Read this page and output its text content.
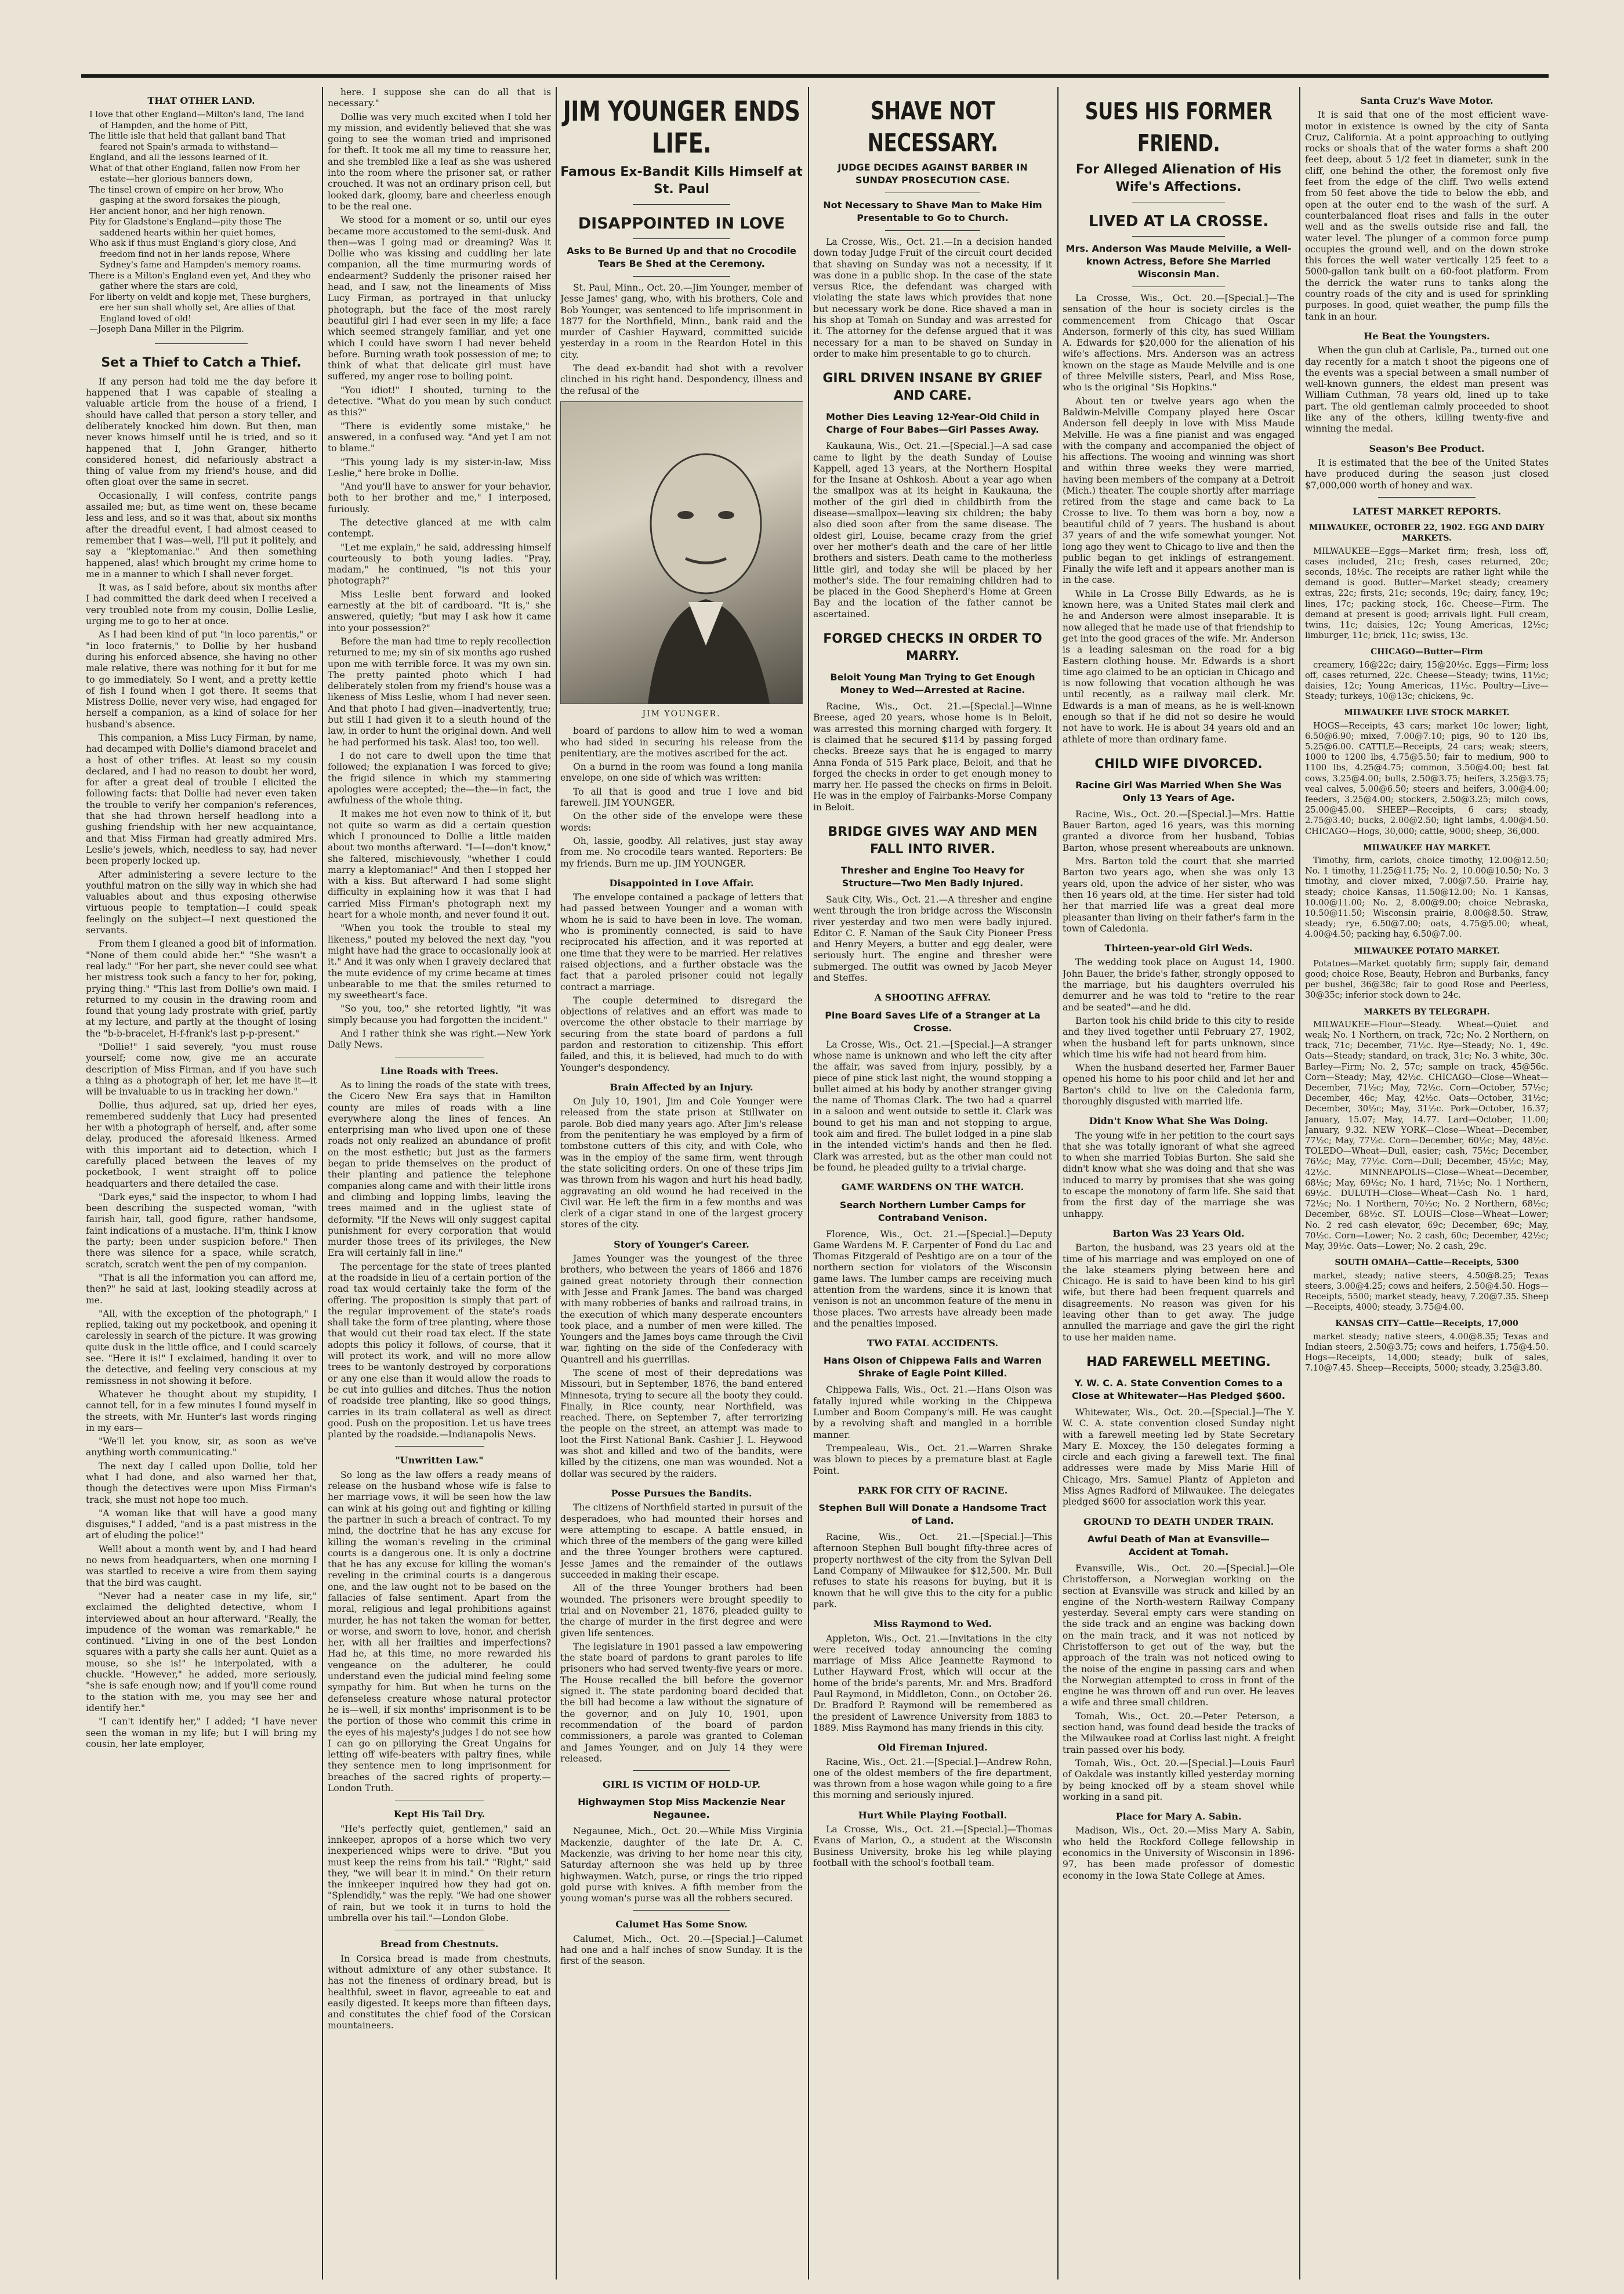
THAT OTHER LAND.
I love that other England—Milton's land, The land of Hampden, and the home of Pitt,
The little isle that held that gallant band That feared not Spain's armada to withstand—
England, and all the lessons learned of It.
What of that other England, fallen now From her estate—her glorious banners down,
The tinsel crown of empire on her brow, Who gasping at the sword forsakes the plough,
Her ancient honor, and her high renown.
Pity for Gladstone's England—pity those The saddened hearts within her quiet homes,
Who ask if thus must England's glory close, And freedom find not in her lands repose, Where Sydney's fame and Hampden's memory roams.
There is a Milton's England even yet, And they who gather where the stars are cold,
For liberty on veldt and kopje met, These burghers, ere her sun shall wholly set, Are allies of that England loved of old!
—Joseph Dana Miller in the Pilgrim.
Set a Thief to Catch a Thief.

If any person had told me the day before it happened that I was capable of stealing a valuable article from the house of a friend, I should have called that person a story teller, and deliberately knocked him down. But then, man never knows himself until he is tried, and so it happened that I, John Granger, hitherto considered honest, did nefariously abstract a thing of value from my friend's house, and did often gloat over the same in secret.

Occasionally, I will confess, contrite pangs assailed me; but, as time went on, these became less and less, and so it was that, about six months after the dreadful event, I had almost ceased to remember that I was—well, I'll put it politely, and say a "kleptomaniac." And then something happened, alas! which brought my crime home to me in a manner to which I shall never forget.

It was, as I said before, about six months after I had committed the dark deed when I received a very troubled note from my cousin, Dollie Leslie, urging me to go to her at once.

As I had been kind of put "in loco parentis," or "in loco fraternis," to Dollie by her husband during his enforced absence, she having no other male relative, there was nothing for it but for me to go immediately. So I went, and a pretty kettle of fish I found when I got there. It seems that Mistress Dollie, never very wise, had engaged for herself a companion, as a kind of solace for her husband's absence.

This companion, a Miss Lucy Firman, by name, had decamped with Dollie's diamond bracelet and a host of other trifles. At least so my cousin declared, and I had no reason to doubt her word, for after a great deal of trouble I elicited the following facts: that Dollie had never even taken the trouble to verify her companion's references, that she had thrown herself headlong into a gushing friendship with her new acquaintance, and that Miss Firman had greatly admired Mrs. Leslie's jewels, which, needless to say, had never been properly locked up.

After administering a severe lecture to the youthful matron on the silly way in which she had valuables about and thus exposing otherwise virtuous people to temptation—I could speak feelingly on the subject—I next questioned the servants.

From them I gleaned a good bit of information. "None of them could abide her." "She wasn't a real lady." "For her part, she never could see what her mistress took such a fancy to her for, poking, prying thing." "This last from Dollie's own maid. I returned to my cousin in the drawing room and found that young lady prostrate with grief, partly at my lecture, and partly at the thought of losing the "b-b-bracelet, H-f-frank's last p-p-present."

"Dollie!" I said severely, "you must rouse yourself; come now, give me an accurate description of Miss Firman, and if you have such a thing as a photograph of her, let me have it—it will be invaluable to us in tracking her down."

Dollie, thus adjured, sat up, dried her eyes, remembered suddenly that Lucy had presented her with a photograph of herself, and, after some delay, produced the aforesaid likeness. Armed with this important aid to detection, which I carefully placed between the leaves of my pocketbook, I went straight off to police headquarters and there detailed the case.

"Dark eyes," said the inspector, to whom I had been describing the suspected woman, "with fairish hair, tall, good figure, rather handsome, faint indications of a mustache. H'm, think I know the party; been under suspicion before." Then there was silence for a space, while scratch, scratch, scratch went the pen of my companion.

"That is all the information you can afford me, then?" he said at last, looking steadily across at me.

"All, with the exception of the photograph," I replied, taking out my pocketbook, and opening it carelessly in search of the picture. It was growing quite dusk in the little office, and I could scarcely see. "Here it is!" I exclaimed, handing it over to the detective, and feeling very conscious at my remissness in not showing it before.

Whatever he thought about my stupidity, I cannot tell, for in a few minutes I found myself in the streets, with Mr. Hunter's last words ringing in my ears—

"We'll let you know, sir, as soon as we've anything worth communicating."

The next day I called upon Dollie, told her what I had done, and also warned her that, though the detectives were upon Miss Firman's track, she must not hope too much.

"A woman like that will have a good many disguises," I added, "and is a past mistress in the art of eluding the police!"

Well! about a month went by, and I had heard no news from headquarters, when one morning I was startled to receive a wire from them saying that the bird was caught.

"Never had a neater case in my life, sir," exclaimed the delighted detective, whom I interviewed about an hour afterward. "Really, the impudence of the woman was remarkable," he continued. "Living in one of the best London squares with a party she calls her aunt. Quiet as a mouse, so she is!" he interpolated, with a chuckle. "However," he added, more seriously, "she is safe enough now; and if you'll come round to the station with me, you may see her and identify her."

"I can't identify her," I added; "I have never seen the woman in my life; but I will bring my cousin, her late employer,

here. I suppose she can do all that is necessary."

Dollie was very much excited when I told her my mission, and evidently believed that she was going to see the woman tried and imprisoned for theft. It took me all my time to reassure her, and she trembled like a leaf as she was ushered into the room where the prisoner sat, or rather crouched. It was not an ordinary prison cell, but looked dark, gloomy, bare and cheerless enough to be the real one.

We stood for a moment or so, until our eyes became more accustomed to the semi-dusk. And then—was I going mad or dreaming? Was it Dollie who was kissing and cuddling her late companion, all the time murmuring words of endearment? Suddenly the prisoner raised her head, and I saw, not the lineaments of Miss Lucy Firman, as portrayed in that unlucky photograph, but the face of the most rarely beautiful girl I had ever seen in my life; a face which seemed strangely familiar, and yet one which I could have sworn I had never beheld before. Burning wrath took possession of me; to think of what that delicate girl must have suffered, my anger rose to boiling point.

"You idiot!" I shouted, turning to the detective. "What do you mean by such conduct as this?"

"There is evidently some mistake," he answered, in a confused way. "And yet I am not to blame."

"This young lady is my sister-in-law, Miss Leslie," here broke in Dollie.

"And you'll have to answer for your behavior, both to her brother and me," I interposed, furiously.

The detective glanced at me with calm contempt.

"Let me explain," he said, addressing himself courteously to both young ladies. "Pray, madam," he continued, "is not this your photograph?"

Miss Leslie bent forward and looked earnestly at the bit of cardboard. "It is," she answered, quietly; "but may I ask how it came into your possession?"

Before the man had time to reply recollection returned to me; my sin of six months ago rushed upon me with terrible force. It was my own sin. The pretty painted photo which I had deliberately stolen from my friend's house was a likeness of Miss Leslie, whom I had never seen. And that photo I had given—inadvertently, true; but still I had given it to a sleuth hound of the law, in order to hunt the original down. And well he had performed his task. Alas! too, too well.

I do not care to dwell upon the time that followed; the explanation I was forced to give; the frigid silence in which my stammering apologies were accepted; the—the—in fact, the awfulness of the whole thing.

It makes me hot even now to think of it, but not quite so warm as did a certain question which I pronounced to Dollie a little maiden about two months afterward. "I—I—don't know," she faltered, mischievously, "whether I could marry a kleptomaniac!" And then I stopped her with a kiss. But afterward I had some slight difficulty in explaining how it was that I had carried Miss Firman's photograph next my heart for a whole month, and never found it out.

"When you took the trouble to steal my likeness," pouted my beloved the next day, "you might have had the grace to occasionally look at it." And it was only when I gravely declared that the mute evidence of my crime became at times unbearable to me that the smiles returned to my sweetheart's face.

"So you, too," she retorted lightly, "it was simply because you had forgotten the incident."

And I rather think she was right.—New York Daily News.

Line Roads with Trees.

As to lining the roads of the state with trees, the Cicero New Era says that in Hamilton county are miles of roads with a line everywhere along the lines of fences. An enterprising man who lived upon one of these roads not only realized an abundance of profit on the most esthetic; but just as the farmers began to pride themselves on the product of their planting and patience the telephone companies along came and with their little irons and climbing and lopping limbs, leaving the trees maimed and in the ugliest state of deformity. "If the News will only suggest capital punishment for every corporation that would murder those trees of its privileges, the New Era will certainly fall in line."

The percentage for the state of trees planted at the roadside in lieu of a certain portion of the road tax would certainly take the form of the offering. The proposition is simply that part of the regular improvement of the state's roads shall take the form of tree planting, where those that would cut their road tax elect. If the state adopts this policy it follows, of course, that it will protect its work, and will no more allow trees to be wantonly destroyed by corporations or any one else than it would allow the roads to be cut into gullies and ditches. Thus the notion of roadside tree planting, like so good things, carries in its train collateral as well as direct good. Push on the proposition. Let us have trees planted by the roadside.—Indianapolis News.

"Unwritten Law."

So long as the law offers a ready means of release on the husband whose wife is false to her marriage vows, it will be seen how the law can wink at his going out and fighting or killing the partner in such a breach of contract. To my mind, the doctrine that he has any excuse for killing the woman's reveling in the criminal courts is a dangerous one. It is only a doctrine that he has any excuse for killing the woman's reveling in the criminal courts is a dangerous one, and the law ought not to be based on the fallacies of false sentiment. Apart from the moral, religious and legal prohibitions against murder, he has not taken the woman for better, or worse, and sworn to love, honor, and cherish her, with all her frailties and imperfections? Had he, at this time, no more rewarded his vengeance on the adulterer, he could understand even the judicial mind feeling some sympathy for him. But when he turns on the defenseless creature whose natural protector he is—well, if six months' imprisonment is to be the portion of those who commit this crime in the eyes of his majesty's judges I do not see how I can go on pillorying the Great Ungains for letting off wife-beaters with paltry fines, while they sentence men to long imprisonment for breaches of the sacred rights of property.—London Truth.

Kept His Tail Dry.

"He's perfectly quiet, gentlemen," said an innkeeper, apropos of a horse which two very inexperienced whips were to drive. "But you must keep the reins from his tail." "Right," said they, "we will bear it in mind." On their return the innkeeper inquired how they had got on. "Splendidly," was the reply. "We had one shower of rain, but we took it in turns to hold the umbrella over his tail."—London Globe.

Bread from Chestnuts.

In Corsica bread is made from chestnuts, without admixture of any other substance. It has not the fineness of ordinary bread, but is healthful, sweet in flavor, agreeable to eat and easily digested. It keeps more than fifteen days, and constitutes the chief food of the Corsican mountaineers.

JIM YOUNGER ENDS LIFE.
Famous Ex-Bandit Kills Himself at St. Paul
DISAPPOINTED IN LOVE
Asks to Be Burned Up and that no Crocodile Tears Be Shed at the Ceremony.

St. Paul, Minn., Oct. 20.—Jim Younger, member of Jesse James' gang, who, with his brothers, Cole and Bob Younger, was sentenced to life imprisonment in 1877 for the Northfield, Minn., bank raid and the murder of Cashier Hayward, committed suicide yesterday in a room in the Reardon Hotel in this city.

The dead ex-bandit had shot with a revolver clinched in his right hand. Despondency, illness and the refusal of the

JIM YOUNGER.

board of pardons to allow him to wed a woman who had sided in securing his release from the penitentiary, are the motives ascribed for the act.

On a burnd in the room was found a long manila envelope, on one side of which was written:

To all that is good and true I love and bid farewell. JIM YOUNGER.

On the other side of the envelope were these words:

Oh, lassie, goodby. All relatives, just stay away from me. No crocodile tears wanted. Reporters: Be my friends. Burn me up. JIM YOUNGER.

Disappointed in Love Affair.

The envelope contained a package of letters that had passed between Younger and a woman with whom he is said to have been in love. The woman, who is prominently connected, is said to have reciprocated his affection, and it was reported at one time that they were to be married. Her relatives raised objections, and a further obstacle was the fact that a paroled prisoner could not legally contract a marriage.

The couple determined to disregard the objections of relatives and an effort was made to overcome the other obstacle to their marriage by securing from the state board of pardons a full pardon and restoration to citizenship. This effort failed, and this, it is believed, had much to do with Younger's despondency.

Brain Affected by an Injury.

On July 10, 1901, Jim and Cole Younger were released from the state prison at Stillwater on parole. Bob died many years ago. After Jim's release from the penitentiary he was employed by a firm of tombstone cutters of this city, and with Cole, who was in the employ of the same firm, went through the state soliciting orders. On one of these trips Jim was thrown from his wagon and hurt his head badly, aggravating an old wound he had received in the Civil war. He left the firm in a few months and was clerk of a cigar stand in one of the largest grocery stores of the city.

Story of Younger's Career.

James Younger was the youngest of the three brothers, who between the years of 1866 and 1876 gained great notoriety through their connection with Jesse and Frank James. The band was charged with many robberies of banks and railroad trains, in the execution of which many desperate encounters took place, and a number of men were killed. The Youngers and the James boys came through the Civil war, fighting on the side of the Confederacy with Quantrell and his guerrillas.

The scene of most of their depredations was Missouri, but in September, 1876, the band entered Minnesota, trying to secure all the booty they could. Finally, in Rice county, near Northfield, was reached. There, on September 7, after terrorizing the people on the street, an attempt was made to loot the First National Bank. Cashier J. L. Heywood was shot and killed and two of the bandits, were killed by the citizens, one man was wounded. Not a dollar was secured by the raiders.

Posse Pursues the Bandits.

The citizens of Northfield started in pursuit of the desperadoes, who had mounted their horses and were attempting to escape. A battle ensued, in which three of the members of the gang were killed and the three Younger brothers were captured. Jesse James and the remainder of the outlaws succeeded in making their escape.

All of the three Younger brothers had been wounded. The prisoners were brought speedily to trial and on November 21, 1876, pleaded guilty to the charge of murder in the first degree and were given life sentences.

The legislature in 1901 passed a law empowering the state board of pardons to grant paroles to life prisoners who had served twenty-five years or more. The House recalled the bill before the governor signed it. The state pardoning board decided that the bill had become a law without the signature of the governor, and on July 10, 1901, upon recommendation of the board of pardon commissioners, a parole was granted to Coleman and James Younger, and on July 14 they were released.

GIRL IS VICTIM OF HOLD-UP.
Highwaymen Stop Miss Mackenzie Near Negaunee.

Negaunee, Mich., Oct. 20.—While Miss Virginia Mackenzie, daughter of the late Dr. A. C. Mackenzie, was driving to her home near this city, Saturday afternoon she was held up by three highwaymen. Watch, purse, or rings the trio ripped gold purse with knives. A fifth member from the young woman's purse was all the robbers secured.

Calumet Has Some Snow.

Calumet, Mich., Oct. 20.—[Special.]—Calumet had one and a half inches of snow Sunday. It is the first of the season.

SHAVE NOT NECESSARY.
JUDGE DECIDES AGAINST BARBER IN SUNDAY PROSECUTION CASE.
Not Necessary to Shave Man to Make Him Presentable to Go to Church.

La Crosse, Wis., Oct. 21.—In a decision handed down today Judge Fruit of the circuit court decided that shaving on Sunday was not a necessity, if it was done in a public shop. In the case of the state versus Rice, the defendant was charged with violating the state laws which provides that none but necessary work be done. Rice shaved a man in his shop at Tomah on Sunday and was arrested for it. The attorney for the defense argued that it was necessary for a man to be shaved on Sunday in order to make him presentable to go to church.

GIRL DRIVEN INSANE BY GRIEF AND CARE.
Mother Dies Leaving 12-Year-Old Child in Charge of Four Babes—Girl Passes Away.

Kaukauna, Wis., Oct. 21.—[Special.]—A sad case came to light by the death Sunday of Louise Kappell, aged 13 years, at the Northern Hospital for the Insane at Oshkosh. About a year ago when the smallpox was at its height in Kaukauna, the mother of the girl died in childbirth from the disease—smallpox—leaving six children; the baby also died soon after from the same disease. The oldest girl, Louise, became crazy from the grief over her mother's death and the care of her little brothers and sisters. Death came to the motherless little girl, and today she will be placed by her mother's side. The four remaining children had to be placed in the Good Shepherd's Home at Green Bay and the location of the father cannot be ascertained.

FORGED CHECKS IN ORDER TO MARRY.
Beloit Young Man Trying to Get Enough Money to Wed—Arrested at Racine.

Racine, Wis., Oct. 21.—[Special.]—Winne Breese, aged 20 years, whose home is in Beloit, was arrested this morning charged with forgery. It is claimed that he secured $114 by passing forged checks. Breeze says that he is engaged to marry Anna Fonda of 515 Park place, Beloit, and that he forged the checks in order to get enough money to marry her. He passed the checks on firms in Beloit. He was in the employ of Fairbanks-Morse Company in Beloit.

BRIDGE GIVES WAY AND MEN FALL INTO RIVER.
Thresher and Engine Too Heavy for Structure—Two Men Badly Injured.

Sauk City, Wis., Oct. 21.—A thresher and engine went through the iron bridge across the Wisconsin river yesterday and two men were badly injured. Editor C. F. Naman of the Sauk City Pioneer Press and Henry Meyers, a butter and egg dealer, were seriously hurt. The engine and thresher were submerged. The outfit was owned by Jacob Meyer and Steffes.

A SHOOTING AFFRAY.
Pine Board Saves Life of a Stranger at La Crosse.

La Crosse, Wis., Oct. 21.—[Special.]—A stranger whose name is unknown and who left the city after the affair, was saved from injury, possibly, by a piece of pine stick last night, the wound stopping a bullet aimed at his body by another stranger giving the name of Thomas Clark. The two had a quarrel in a saloon and went outside to settle it. Clark was bound to get his man and not stopping to argue, took aim and fired. The bullet lodged in a pine slab in the intended victim's hands and then he fled. Clark was arrested, but as the other man could not be found, he pleaded guilty to a trivial charge.

GAME WARDENS ON THE WATCH.
Search Northern Lumber Camps for Contraband Venison.

Florence, Wis., Oct. 21.—[Special.]—Deputy Game Wardens M. F. Carpenter of Fond du Lac and Thomas Fitzgerald of Peshtigo are on a tour of the northern section for violators of the Wisconsin game laws. The lumber camps are receiving much attention from the wardens, since it is known that venison is not an uncommon feature of the menu in those places. Two arrests have already been made and the penalties imposed.

TWO FATAL ACCIDENTS.
Hans Olson of Chippewa Falls and Warren Shrake of Eagle Point Killed.

Chippewa Falls, Wis., Oct. 21.—Hans Olson was fatally injured while working in the Chippewa Lumber and Boom Company's mill. He was caught by a revolving shaft and mangled in a horrible manner.

Trempealeau, Wis., Oct. 21.—Warren Shrake was blown to pieces by a premature blast at Eagle Point.

PARK FOR CITY OF RACINE.
Stephen Bull Will Donate a Handsome Tract of Land.

Racine, Wis., Oct. 21.—[Special.]—This afternoon Stephen Bull bought fifty-three acres of property northwest of the city from the Sylvan Dell Land Company of Milwaukee for $12,500. Mr. Bull refuses to state his reasons for buying, but it is known that he will give this to the city for a public park.

Miss Raymond to Wed.

Appleton, Wis., Oct. 21.—Invitations in the city were received today announcing the coming marriage of Miss Alice Jeannette Raymond to Luther Hayward Frost, which will occur at the home of the bride's parents, Mr. and Mrs. Bradford Paul Raymond, in Middleton, Conn., on October 26. Dr. Bradford P. Raymond will be remembered as the president of Lawrence University from 1883 to 1889. Miss Raymond has many friends in this city.

Old Fireman Injured.

Racine, Wis., Oct. 21.—[Special.]—Andrew Rohn, one of the oldest members of the fire department, was thrown from a hose wagon while going to a fire this morning and seriously injured.

Hurt While Playing Football.

La Crosse, Wis., Oct. 21.—[Special.]—Thomas Evans of Marion, O., a student at the Wisconsin Business University, broke his leg while playing football with the school's football team.

SUES HIS FORMER FRIEND.
For Alleged Alienation of His Wife's Affections.
LIVED AT LA CROSSE.
Mrs. Anderson Was Maude Melville, a Well-known Actress, Before She Married Wisconsin Man.

La Crosse, Wis., Oct. 20.—[Special.]—The sensation of the hour is society circles is the commencement from Chicago that Oscar Anderson, formerly of this city, has sued William A. Edwards for $20,000 for the alienation of his wife's affections. Mrs. Anderson was an actress known on the stage as Maude Melville and is one of three Melville sisters, Pearl, and Miss Rose, who is the original "Sis Hopkins."

About ten or twelve years ago when the Baldwin-Melville Company played here Oscar Anderson fell deeply in love with Miss Maude Melville. He was a fine pianist and was engaged with the company and accompanied the object of his affections. The wooing and winning was short and within three weeks they were married, having been members of the company at a Detroit (Mich.) theater. The couple shortly after marriage retired from the stage and came back to La Crosse to live. To them was born a boy, now a beautiful child of 7 years. The husband is about 37 years of and the wife somewhat younger. Not long ago they went to Chicago to live and then the public began to get inklings of estrangement. Finally the wife left and it appears another man is in the case.

While in La Crosse Billy Edwards, as he is known here, was a United States mail clerk and he and Anderson were almost inseparable. It is now alleged that he made use of that friendship to get into the good graces of the wife. Mr. Anderson is a leading salesman on the road for a big Eastern clothing house. Mr. Edwards is a short time ago claimed to be an optician in Chicago and is now following that vocation although he was until recently, as a railway mail clerk. Mr. Edwards is a man of means, as he is well-known enough so that if he did not so desire he would not have to work. He is about 34 years old and an athlete of more than ordinary fame.

CHILD WIFE DIVORCED.
Racine Girl Was Married When She Was Only 13 Years of Age.

Racine, Wis., Oct. 20.—[Special.]—Mrs. Hattie Bauer Barton, aged 16 years, was this morning granted a divorce from her husband, Tobias Barton, whose present whereabouts are unknown.

Mrs. Barton told the court that she married Barton two years ago, when she was only 13 years old, upon the advice of her sister, who was then 16 years old, at the time. Her sister had told her that married life was a great deal more pleasanter than living on their father's farm in the town of Caledonia.

Thirteen-year-old Girl Weds.

The wedding took place on August 14, 1900. John Bauer, the bride's father, strongly opposed to the marriage, but his daughters overruled his demurrer and he was told to "retire to the rear and be seated"—and he did.

Barton took his child bride to this city to reside and they lived together until February 27, 1902, when the husband left for parts unknown, since which time his wife had not heard from him.

When the husband deserted her, Farmer Bauer opened his home to his poor child and let her and Barton's child to live on the Caledonia farm, thoroughly disgusted with married life.

Didn't Know What She Was Doing.

The young wife in her petition to the court says that she was totally ignorant of what she agreed to when she married Tobias Burton. She said she didn't know what she was doing and that she was induced to marry by promises that she was going to escape the monotony of farm life. She said that from the first day of the marriage she was unhappy.

Barton Was 23 Years Old.

Barton, the husband, was 23 years old at the time of his marriage and was employed on one of the lake steamers plying between here and Chicago. He is said to have been kind to his girl wife, but there had been frequent quarrels and disagreements. No reason was given for his leaving other than to get away. The judge annulled the marriage and gave the girl the right to use her maiden name.

HAD FAREWELL MEETING.
Y. W. C. A. State Convention Comes to a Close at Whitewater—Has Pledged $600.

Whitewater, Wis., Oct. 20.—[Special.]—The Y. W. C. A. state convention closed Sunday night with a farewell meeting led by State Secretary Mary E. Moxcey, the 150 delegates forming a circle and each giving a farewell text. The final addresses were made by Miss Marie Hill of Chicago, Mrs. Samuel Plantz of Appleton and Miss Agnes Radford of Milwaukee. The delegates pledged $600 for association work this year.

GROUND TO DEATH UNDER TRAIN.
Awful Death of Man at Evansville—Accident at Tomah.

Evansville, Wis., Oct. 20.—[Special.]—Ole Christofferson, a Norwegian working on the section at Evansville was struck and killed by an engine of the North-western Railway Company yesterday. Several empty cars were standing on the side track and an engine was backing down on the main track, and it was not noticed by Christofferson to get out of the way, but the approach of the train was not noticed owing to the noise of the engine in passing cars and when the Norwegian attempted to cross in front of the engine he was thrown off and run over. He leaves a wife and three small children.

Tomah, Wis., Oct. 20.—Peter Peterson, a section hand, was found dead beside the tracks of the Milwaukee road at Corliss last night. A freight train passed over his body.

Tomah, Wis., Oct. 20.—[Special.]—Louis Faurl of Oakdale was instantly killed yesterday morning by being knocked off by a steam shovel while working in a sand pit.

Place for Mary A. Sabin.

Madison, Wis., Oct. 20.—Miss Mary A. Sabin, who held the Rockford College fellowship in economics in the University of Wisconsin in 1896-97, has been made professor of domestic economy in the Iowa State College at Ames.

Santa Cruz's Wave Motor.

It is said that one of the most efficient wave-motor in existence is owned by the city of Santa Cruz, California. At a point approaching to outlying rocks or shoals that of the water forms a shaft 200 feet deep, about 5 1/2 feet in diameter, sunk in the cliff, one behind the other, the foremost only five feet from the edge of the cliff. Two wells extend from 50 feet above the tide to below the ebb, and open at the outer end to the wash of the surf. A counterbalanced float rises and falls in the outer well and as the swells outside rise and fall, the water level. The plunger of a common force pump occupies the ground well, and on the down stroke this forces the well water vertically 125 feet to a 5000-gallon tank built on a 60-foot platform. From the derrick the water runs to tanks along the country roads of the city and is used for sprinkling purposes. In good, quiet weather, the pump fills the tank in an hour.

He Beat the Youngsters.

When the gun club at Carlisle, Pa., turned out one day recently for a match t shoot the pigeons one of the events was a special between a small number of well-known gunners, the eldest man present was William Cuthman, 78 years old, lined up to take part. The old gentleman calmly proceeded to shoot like any of the others, killing twenty-five and winning the medal.

Season's Bee Product.

It is estimated that the bee of the United States have produced during the season just closed $7,000,000 worth of honey and wax.

LATEST MARKET REPORTS.
MILWAUKEE, OCTOBER 22, 1902. EGG AND DAIRY MARKETS.

MILWAUKEE—Eggs—Market firm; fresh, loss off, cases included, 21c; fresh, cases returned, 20c; seconds, 18½c. The receipts are rather light while the demand is good. Butter—Market steady; creamery extras, 22c; firsts, 21c; seconds, 19c; dairy, fancy, 19c; lines, 17c; packing stock, 16c. Cheese—Firm. The demand at present is good; arrivals light. Full cream, twins, 11c; daisies, 12c; Young Americas, 12½c; limburger, 11c; brick, 11c; swiss, 13c.

CHICAGO—Butter—Firm

creamery, 16@22c; dairy, 15@20½c. Eggs—Firm; loss off, cases returned, 22c. Cheese—Steady; twins, 11½c; daisies, 12c; Young Americas, 11½c. Poultry—Live—Steady; turkeys, 10@13c; chickens, 9c.

MILWAUKEE LIVE STOCK MARKET.

HOGS—Receipts, 43 cars; market 10c lower; light, 6.50@6.90; mixed, 7.00@7.10; pigs, 90 to 120 lbs, 5.25@6.00. CATTLE—Receipts, 24 cars; weak; steers, 1000 to 1200 lbs, 4.75@5.50; fair to medium, 900 to 1100 lbs, 4.25@4.75; common, 3.50@4.00; best fat cows, 3.25@4.00; bulls, 2.50@3.75; heifers, 3.25@3.75; veal calves, 5.00@6.50; steers and heifers, 3.00@4.00; feeders, 3.25@4.00; stockers, 2.50@3.25; milch cows, 25.00@45.00. SHEEP—Receipts, 6 cars; steady, 2.75@3.40; bucks, 2.00@2.50; light lambs, 4.00@4.50. CHICAGO—Hogs, 30,000; cattle, 9000; sheep, 36,000.

MILWAUKEE HAY MARKET.

Timothy, firm, carlots, choice timothy, 12.00@12.50; No. 1 timothy, 11.25@11.75; No. 2, 10.00@10.50; No. 3 timothy, and clover mixed, 7.00@7.50. Prairie hay, steady; choice Kansas, 11.50@12.00; No. 1 Kansas, 10.00@11.00; No. 2, 8.00@9.00; choice Nebraska, 10.50@11.50; Wisconsin prairie, 8.00@8.50. Straw, steady; rye, 6.50@7.00; oats, 4.75@5.00; wheat, 4.00@4.50; packing hay, 6.50@7.00.

MILWAUKEE POTATO MARKET.

Potatoes—Market quotably firm; supply fair, demand good; choice Rose, Beauty, Hebron and Burbanks, fancy per bushel, 36@38c; fair to good Rose and Peerless, 30@35c; inferior stock down to 24c.

MARKETS BY TELEGRAPH.

MILWAUKEE—Flour—Steady. Wheat—Quiet and weak; No. 1 Northern, on track, 72c; No. 2 Northern, on track, 71c; December, 71½c. Rye—Steady; No. 1, 49c. Oats—Steady; standard, on track, 31c; No. 3 white, 30c. Barley—Firm; No. 2, 57c; sample on track, 45@56c. Corn—Steady; May, 42½c. CHICAGO—Close—Wheat—December, 71½c; May, 72½c. Corn—October, 57½c; December, 46c; May, 42½c. Oats—October, 31½c; December, 30½c; May, 31½c. Pork—October, 16.37; January, 15.07; May, 14.77. Lard—October, 11.00; January, 9.32. NEW YORK—Close—Wheat—December, 77½c; May, 77½c. Corn—December, 60½c; May, 48½c. TOLEDO—Wheat—Dull, easier; cash, 75½c; December, 76½c; May, 77½c. Corn—Dull; December, 45½c; May, 42½c. MINNEAPOLIS—Close—Wheat—December, 68½c; May, 69½c; No. 1 hard, 71½c; No. 1 Northern, 69½c. DULUTH—Close—Wheat—Cash No. 1 hard, 72½c; No. 1 Northern, 70½c; No. 2 Northern, 68½c; December, 68½c. ST. LOUIS—Close—Wheat—Lower; No. 2 red cash elevator, 69c; December, 69c; May, 70½c. Corn—Lower; No. 2 cash, 60c; December, 42½c; May, 39½c. Oats—Lower; No. 2 cash, 29c.

SOUTH OMAHA—Cattle—Receipts, 5300

market, steady; native steers, 4.50@8.25; Texas steers, 3.00@4.25; cows and heifers, 2.50@4.50. Hogs—Receipts, 5500; market steady, heavy, 7.20@7.35. Sheep—Receipts, 4000; steady, 3.75@4.00.

KANSAS CITY—Cattle—Receipts, 17,000

market steady; native steers, 4.00@8.35; Texas and Indian steers, 2.50@3.75; cows and heifers, 1.75@4.50. Hogs—Receipts, 14,000; steady; bulk of sales, 7.10@7.45. Sheep—Receipts, 5000; steady, 3.25@3.80.
